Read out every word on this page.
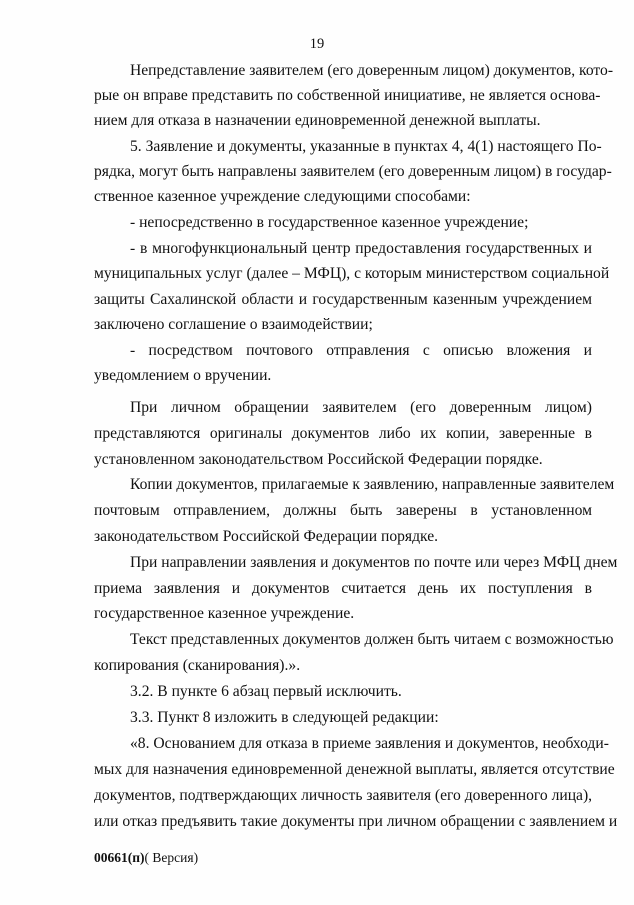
19
Непредставление заявителем (его доверенным лицом) документов, кото-
рые он вправе представить по собственной инициативе, не является основа-
нием для отказа в назначении единовременной денежной выплаты.
5. Заявление и документы, указанные в пунктах 4, 4(1) настоящего По-
рядка, могут быть направлены заявителем (его доверенным лицом) в государ-
ственное казенное учреждение следующими способами:
- непосредственно в государственное казенное учреждение;
- в многофункциональный центр предоставления государственных и
муниципальных услуг (далее – МФЦ), с которым министерством социальной
защиты Сахалинской области и государственным казенным учреждением
заключено соглашение о взаимодействии;
- посредством почтового отправления с описью вложения и
уведомлением о вручении.
При личном обращении заявителем (его доверенным лицом)
представляются оригиналы документов либо их копии, заверенные в
установленном законодательством Российской Федерации порядке.
Копии документов, прилагаемые к заявлению, направленные заявителем
почтовым отправлением, должны быть заверены в установленном
законодательством Российской Федерации порядке.
При направлении заявления и документов по почте или через МФЦ днем
приема заявления и документов считается день их поступления в
государственное казенное учреждение.
Текст представленных документов должен быть читаем с возможностью
копирования (сканирования).».
3.2. В пункте 6 абзац первый исключить.
3.3. Пункт 8 изложить в следующей редакции:
«8. Основанием для отказа в приеме заявления и документов, необходи-
мых для назначения единовременной денежной выплаты, является отсутствие
документов, подтверждающих личность заявителя (его доверенного лица),
или отказ предъявить такие документы при личном обращении с заявлением и
00661(п)( Версия)
